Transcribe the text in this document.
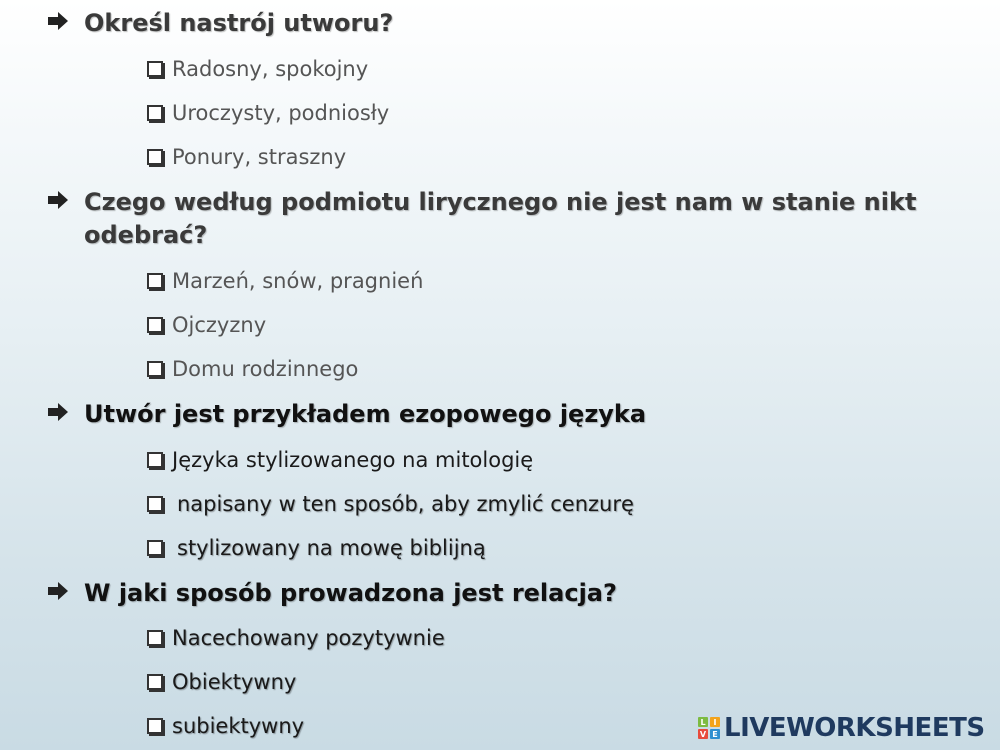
Określ nastrój utworu?
Radosny, spokojny
Uroczysty, podniosły
Ponury, straszny
Czego według podmiotu lirycznego nie jest nam w stanie nikt odebrać?
Marzeń, snów, pragnień
Ojczyzny
Domu rodzinnego
Utwór jest przykładem ezopowego języka
Języka stylizowanego na mitologię
napisany w ten sposób, aby zmylić cenzurę
stylizowany na mowę biblijną
W jaki sposób prowadzona jest relacja?
Nacechowany pozytywnie
Obiektywny
subiektywny	L I
V E LIVEWORKSHEETS
